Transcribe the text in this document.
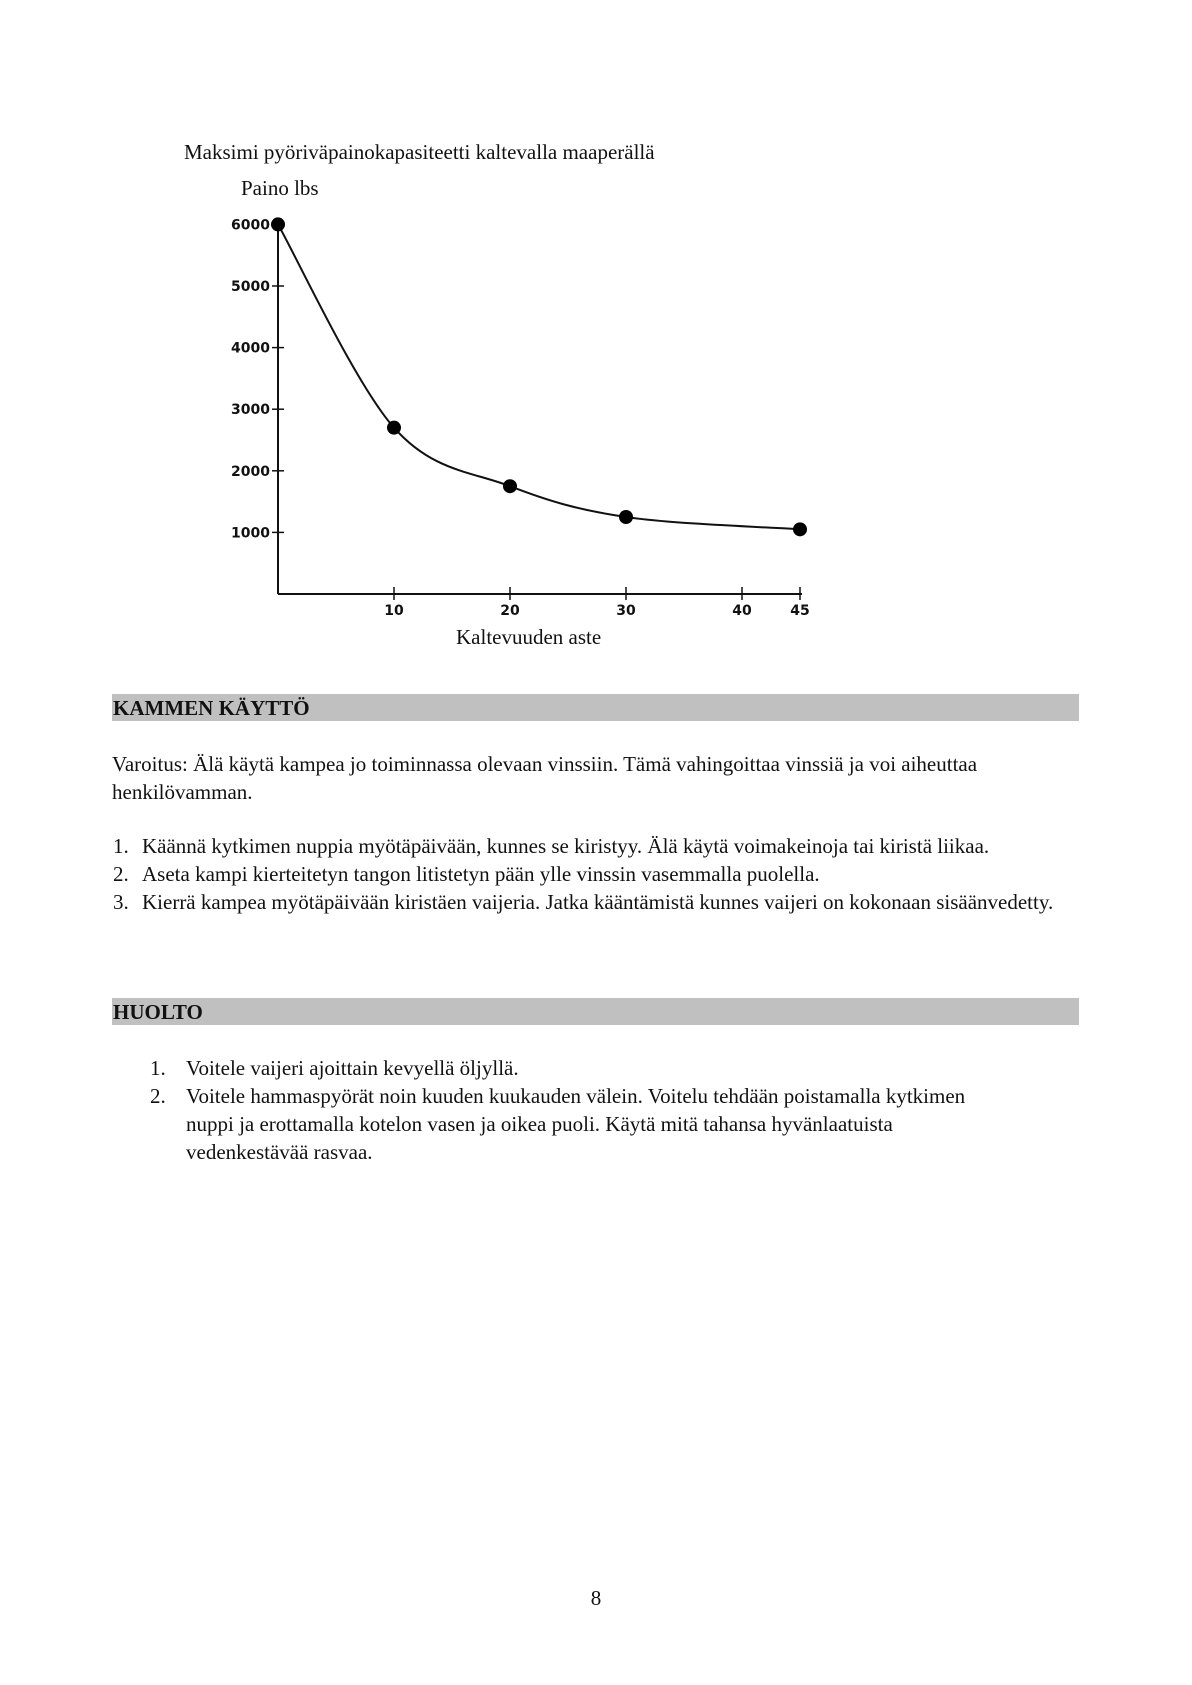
Maksimi pyöriväpainokapasiteetti kaltevalla maaperällä
Paino lbs
1000
2000
3000
4000
5000
6000
10	20	30	40	45
Kaltevuuden aste
KAMMEN KÄYTTÖ

Varoitus: Älä käytä kampea jo toiminnassa olevaan vinssiin. Tämä vahingoittaa vinssiä ja voi aiheuttaa henkilövamman.

1. Käännä kytkimen nuppia myötäpäivään, kunnes se kiristyy. Älä käytä voimakeinoja tai kiristä liikaa.
2. Aseta kampi kierteitetyn tangon litistetyn pään ylle vinssin vasemmalla puolella.
3. Kierrä kampea myötäpäivään kiristäen vaijeria. Jatka kääntämistä kunnes vaijeri on kokonaan sisäänvedetty.
HUOLTO
1. Voitele vaijeri ajoittain kevyellä öljyllä.
2. Voitele hammaspyörät noin kuuden kuukauden välein. Voitelu tehdään poistamalla kytkimen nuppi ja erottamalla kotelon vasen ja oikea puoli. Käytä mitä tahansa hyvänlaatuista vedenkestävää rasvaa.
8
